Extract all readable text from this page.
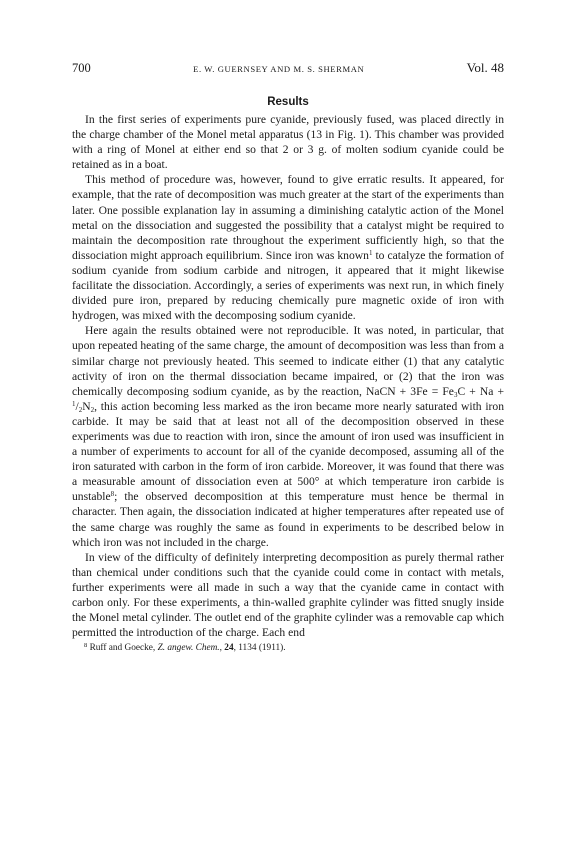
700	E. W. GUERNSEY AND M. S. SHERMAN	Vol. 48
Results

In the first series of experiments pure cyanide, previously fused, was placed directly in the charge chamber of the Monel metal apparatus (13 in Fig. 1). This chamber was provided with a ring of Monel at either end so that 2 or 3 g. of molten sodium cyanide could be retained as in a boat.

This method of procedure was, however, found to give erratic results. It appeared, for example, that the rate of decomposition was much greater at the start of the experiments than later. One possible explanation lay in assuming a diminishing catalytic action of the Monel metal on the dissociation and suggested the possibility that a catalyst might be required to maintain the decomposition rate throughout the experiment sufficiently high, so that the dissociation might approach equilibrium. Since iron was known$^1$ to catalyze the formation of sodium cyanide from sodium carbide and nitrogen, it appeared that it might likewise facilitate the dissociation. Accordingly, a series of experiments was next run, in which finely divided pure iron, prepared by reducing chemically pure magnetic oxide of iron with hydrogen, was mixed with the decomposing sodium cyanide.

Here again the results obtained were not reproducible. It was noted, in particular, that upon repeated heating of the same charge, the amount of decomposition was less than from a similar charge not previously heated. This seemed to indicate either (1) that any catalytic activity of iron on the thermal dissociation became impaired, or (2) that the iron was chemically decomposing sodium cyanide, as by the reaction, NaCN + $3Fe = Fe_3C + Na + ^1/_2N_2$, this action becoming less marked as the iron became more nearly saturated with iron carbide. It may be said that at least not all of the decomposition observed in these experiments was due to reaction with iron, since the amount of iron used was insufficient in a number of experiments to account for all of the cyanide decomposed, assuming all of the iron saturated with carbon in the form of iron carbide. Moreover, it was found that there was a measurable amount of dissociation even at 500° at which temperature iron carbide is unstable$^8$; the observed decomposition at this temperature must hence be thermal in character. Then again, the dissociation indicated at higher temperatures after repeated use of the same charge was roughly the same as found in experiments to be described below in which iron was not included in the charge.

In view of the difficulty of definitely interpreting decomposition as purely thermal rather than chemical under conditions such that the cyanide could come in contact with metals, further experiments were all made in such a way that the cyanide came in contact with carbon only. For these experiments, a thin-walled graphite cylinder was fitted snugly inside the Monel metal cylinder. The outlet end of the graphite cylinder was a removable cap which permitted the introduction of the charge. Each end

$^8$ Ruff and Goecke, Z. angew. Chem., 24, 1134 (1911).
